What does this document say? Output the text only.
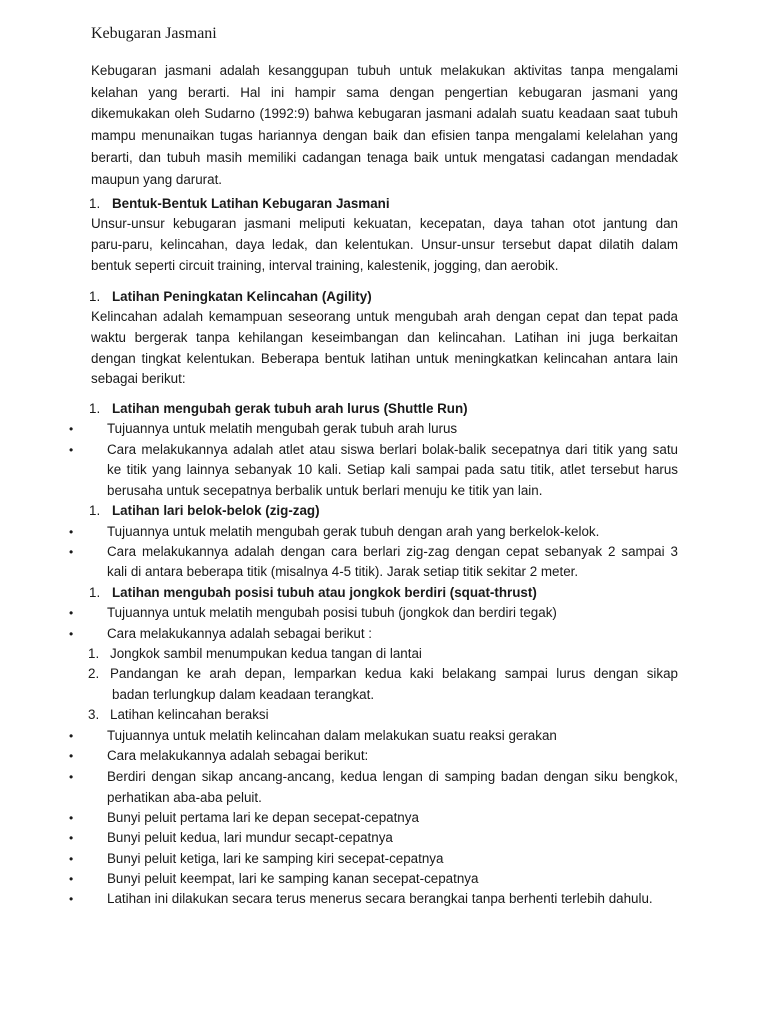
Kebugaran Jasmani

Kebugaran jasmani adalah kesanggupan tubuh untuk melakukan aktivitas tanpa mengalami kelahan yang berarti. Hal ini hampir sama dengan pengertian kebugaran jasmani yang dikemukakan oleh Sudarno (1992:9) bahwa kebugaran jasmani adalah suatu keadaan saat tubuh mampu menunaikan tugas hariannya dengan baik dan efisien tanpa mengalami kelelahan yang berarti, dan tubuh masih memiliki cadangan tenaga baik untuk mengatasi cadangan mendadak maupun yang darurat.

1. Bentuk-Bentuk Latihan Kebugaran Jasmani
Unsur-unsur kebugaran jasmani meliputi kekuatan, kecepatan, daya tahan otot jantung dan
paru-paru, kelincahan, daya ledak, dan kelentukan. Unsur-unsur tersebut dapat dilatih dalam
bentuk seperti circuit training, interval training, kalestenik, jogging, dan aerobik.
1. Latihan Peningkatan Kelincahan (Agility)
Kelincahan adalah kemampuan seseorang untuk mengubah arah dengan cepat dan tepat pada
waktu bergerak tanpa kehilangan keseimbangan dan kelincahan. Latihan ini juga berkaitan
dengan tingkat kelentukan. Beberapa bentuk latihan untuk meningkatkan kelincahan antara lain
sebagai berikut:
1. Latihan mengubah gerak tubuh arah lurus (Shuttle Run)
•	Tujuannya untuk melatih mengubah gerak tubuh arah lurus
•	Cara melakukannya adalah atlet atau siswa berlari bolak-balik secepatnya dari titik yang satu
ke titik yang lainnya sebanyak 10 kali. Setiap kali sampai pada satu titik, atlet tersebut harus
berusaha untuk secepatnya berbalik untuk berlari menuju ke titik yan lain.
1. Latihan lari belok-belok (zig-zag)
•	Tujuannya untuk melatih mengubah gerak tubuh dengan arah yang berkelok-kelok.
•	Cara melakukannya adalah dengan cara berlari zig-zag dengan cepat sebanyak 2 sampai 3
kali di antara beberapa titik (misalnya 4-5 titik). Jarak setiap titik sekitar 2 meter.
1. Latihan mengubah posisi tubuh atau jongkok berdiri (squat-thrust)
•	Tujuannya untuk melatih mengubah posisi tubuh (jongkok dan berdiri tegak)
•	Cara melakukannya adalah sebagai berikut :
1. Jongkok sambil menumpukan kedua tangan di lantai
2. Pandangan ke arah depan, lemparkan kedua kaki belakang sampai lurus dengan sikap
badan terlungkup dalam keadaan terangkat.
3. Latihan kelincahan beraksi
•	Tujuannya untuk melatih kelincahan dalam melakukan suatu reaksi gerakan
•	Cara melakukannya adalah sebagai berikut:
•	Berdiri dengan sikap ancang-ancang, kedua lengan di samping badan dengan siku bengkok,
perhatikan aba-aba peluit.
•	Bunyi peluit pertama lari ke depan secepat-cepatnya
•	Bunyi peluit kedua, lari mundur secapt-cepatnya
•	Bunyi peluit ketiga, lari ke samping kiri secepat-cepatnya
•	Bunyi peluit keempat, lari ke samping kanan secepat-cepatnya
•	Latihan ini dilakukan secara terus menerus secara berangkai tanpa berhenti terlebih dahulu.
